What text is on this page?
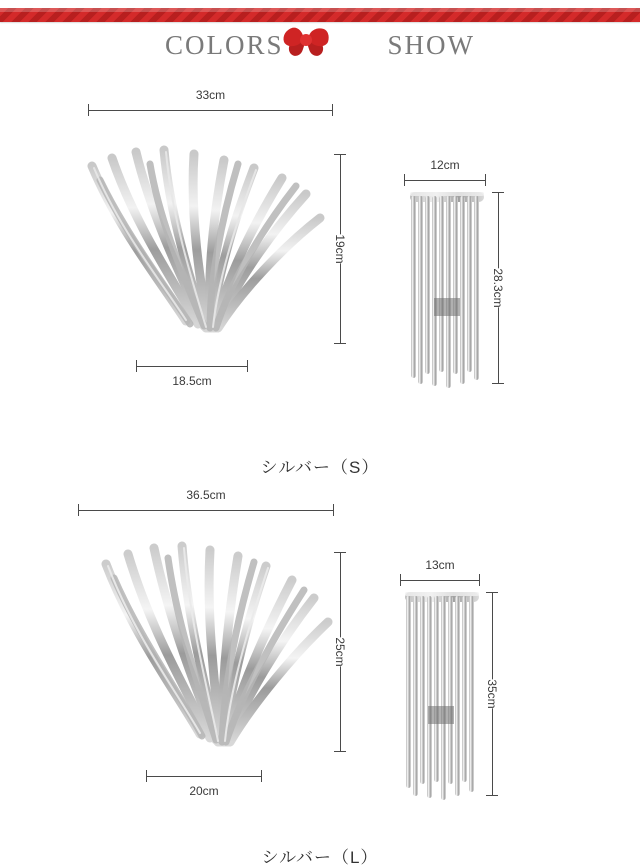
COLORS	SHOW
33cm
19cm
18.5cm
12cm
28.3cm
シルバー（S）
36.5cm
25cm
20cm
13cm
35cm
シルバー（L）
